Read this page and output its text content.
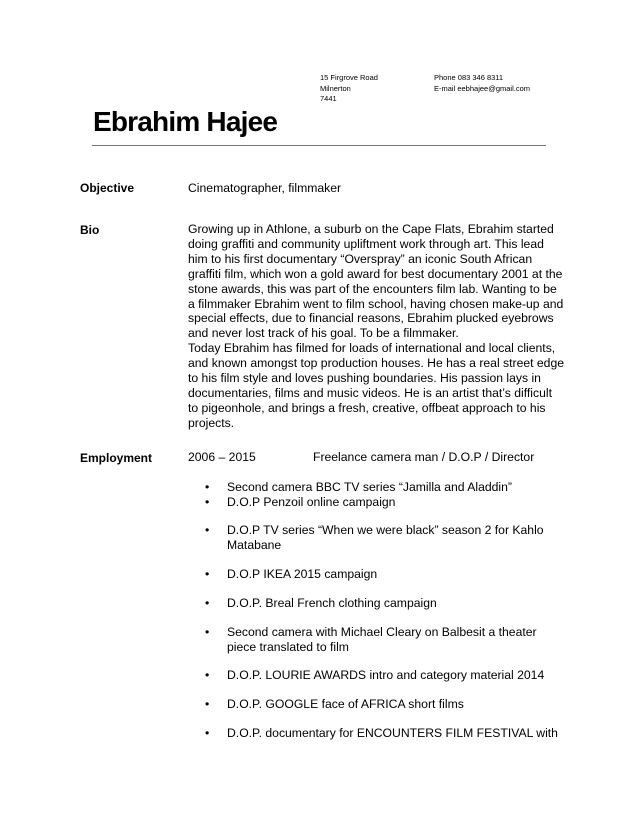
15 Firgrove Road
Milnerton
7441
Phone 083 346 8311
E-mail eebhajee@gmail.com
Ebrahim Hajee
Objective	Cinematographer, filmmaker
Bio	Growing up in Athlone, a suburb on the Cape Flats, Ebrahim started
doing graffiti and community upliftment work through art. This lead
him to his first documentary “Overspray” an iconic South African
graffiti film, which won a gold award for best documentary 2001 at the
stone awards, this was part of the encounters film lab. Wanting to be
a filmmaker Ebrahim went to film school, having chosen make-up and
special effects, due to financial reasons, Ebrahim plucked eyebrows
and never lost track of his goal. To be a filmmaker.
Today Ebrahim has filmed for loads of international and local clients,
and known amongst top production houses. He has a real street edge
to his film style and loves pushing boundaries. His passion lays in
documentaries, films and music videos. He is an artist that’s difficult
to pigeonhole, and brings a fresh, creative, offbeat approach to his
projects.
Employment	2006 – 2015	Freelance camera man / D.O.P / Director
• Second camera BBC TV series “Jamilla and Aladdin”
• D.O.P Penzoil online campaign
• D.O.P TV series “When we were black” season 2 for Kahlo
Matabane
• D.O.P IKEA 2015 campaign
• D.O.P. Breal French clothing campaign
• Second camera with Michael Cleary on Balbesit a theater
piece translated to film
• D.O.P. LOURIE AWARDS intro and category material 2014
• D.O.P. GOOGLE face of AFRICA short films
• D.O.P. documentary for ENCOUNTERS FILM FESTIVAL with
